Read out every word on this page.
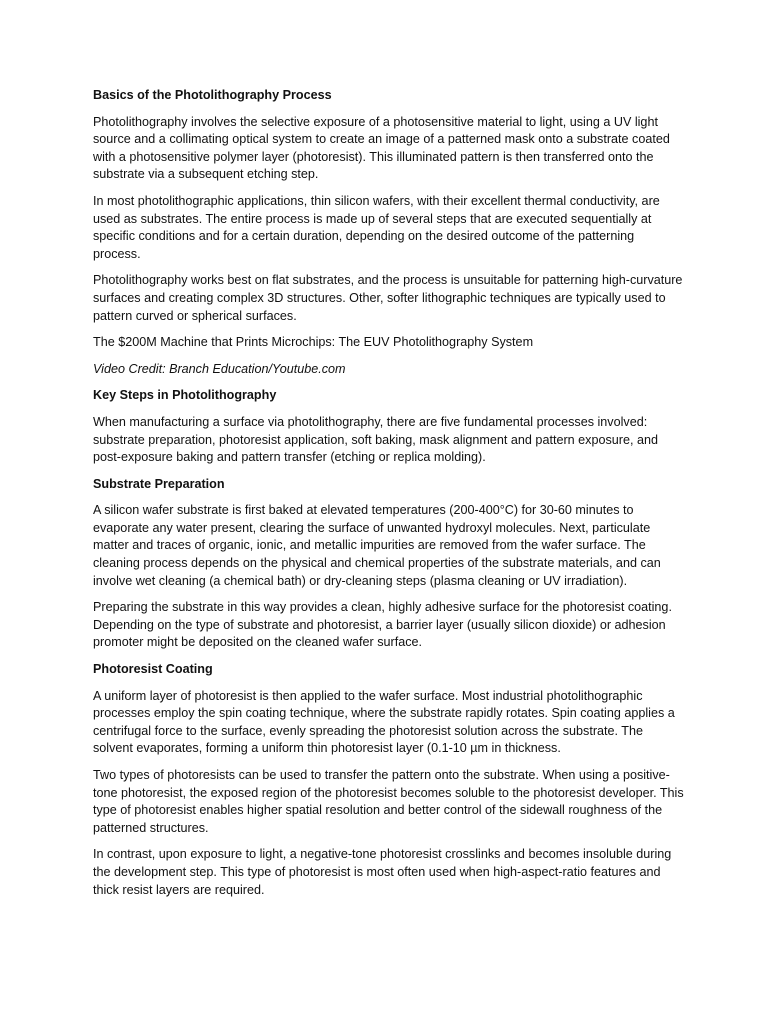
Basics of the Photolithography Process

Photolithography involves the selective exposure of a photosensitive material to light, using a UV light source and a collimating optical system to create an image of a patterned mask onto a substrate coated with a photosensitive polymer layer (photoresist). This illuminated pattern is then transferred onto the substrate via a subsequent etching step.

In most photolithographic applications, thin silicon wafers, with their excellent thermal conductivity, are used as substrates. The entire process is made up of several steps that are executed sequentially at specific conditions and for a certain duration, depending on the desired outcome of the patterning process.

Photolithography works best on flat substrates, and the process is unsuitable for patterning high-curvature surfaces and creating complex 3D structures. Other, softer lithographic techniques are typically used to pattern curved or spherical surfaces.

The $200M Machine that Prints Microchips: The EUV Photolithography System

Video Credit: Branch Education/Youtube.com

Key Steps in Photolithography

When manufacturing a surface via photolithography, there are five fundamental processes involved: substrate preparation, photoresist application, soft baking, mask alignment and pattern exposure, and post-exposure baking and pattern transfer (etching or replica molding).

Substrate Preparation

A silicon wafer substrate is first baked at elevated temperatures (200-400°C) for 30-60 minutes to evaporate any water present, clearing the surface of unwanted hydroxyl molecules. Next, particulate matter and traces of organic, ionic, and metallic impurities are removed from the wafer surface. The cleaning process depends on the physical and chemical properties of the substrate materials, and can involve wet cleaning (a chemical bath) or dry-cleaning steps (plasma cleaning or UV irradiation).

Preparing the substrate in this way provides a clean, highly adhesive surface for the photoresist coating. Depending on the type of substrate and photoresist, a barrier layer (usually silicon dioxide) or adhesion promoter might be deposited on the cleaned wafer surface.

Photoresist Coating

A uniform layer of photoresist is then applied to the wafer surface. Most industrial photolithographic processes employ the spin coating technique, where the substrate rapidly rotates. Spin coating applies a centrifugal force to the surface, evenly spreading the photoresist solution across the substrate. The solvent evaporates, forming a uniform thin photoresist layer (0.1-10 µm in thickness.

Two types of photoresists can be used to transfer the pattern onto the substrate. When using a positive-tone photoresist, the exposed region of the photoresist becomes soluble to the photoresist developer. This type of photoresist enables higher spatial resolution and better control of the sidewall roughness of the patterned structures.

In contrast, upon exposure to light, a negative-tone photoresist crosslinks and becomes insoluble during the development step. This type of photoresist is most often used when high-aspect-ratio features and thick resist layers are required.
